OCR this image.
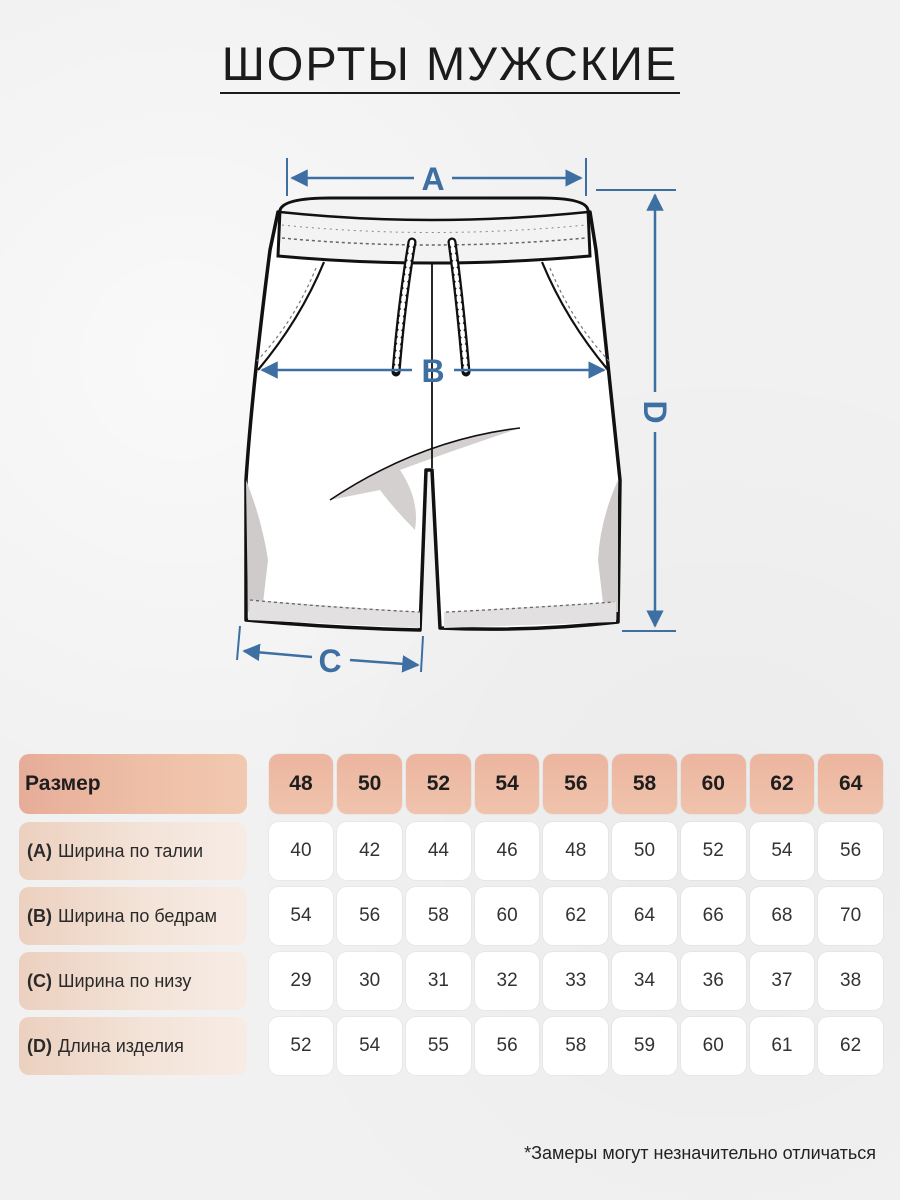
ШОРТЫ МУЖСКИЕ
A
B
C
D
Размер	48	50	52	54	56	58	60	62	64
(A) Ширина по талии	40	42	44	46	48	50	52	54	56
(B) Ширина по бедрам	54	56	58	60	62	64	66	68	70
(C) Ширина по низу	29	30	31	32	33	34	36	37	38
(D) Длина изделия	52	54	55	56	58	59	60	61	62
*Замеры могут незначительно отличаться
